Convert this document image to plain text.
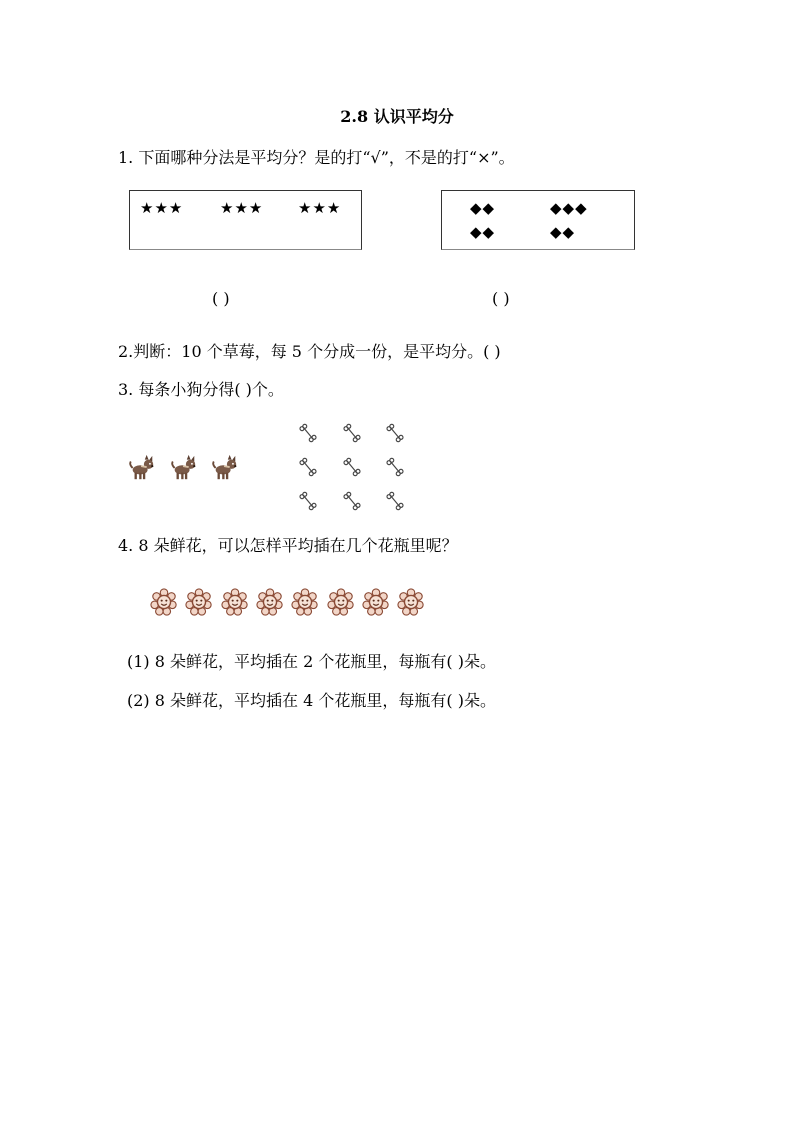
2.8 认识平均分
1. 下面哪种分法是平均分？是的打“√”，不是的打“×”。
★★★ ★★★ ★★★	◆◆	◆◆◆
◆◆	◆◆
( )	( )
2.判断：10 个草莓，每 5 个分成一份，是平均分。( )
3. 每条小狗分得( )个。
4. 8 朵鲜花，可以怎样平均插在几个花瓶里呢？
(1) 8 朵鲜花，平均插在 2 个花瓶里，每瓶有( )朵。
(2) 8 朵鲜花，平均插在 4 个花瓶里，每瓶有( )朵。
